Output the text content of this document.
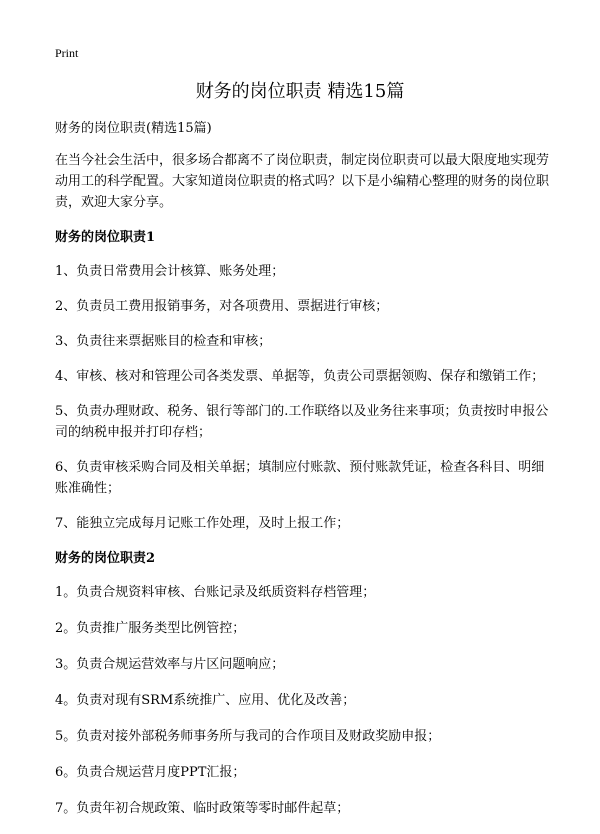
Print
财务的岗位职责 精选15篇

财务的岗位职责(精选15篇)

在当今社会生活中，很多场合都离不了岗位职责，制定岗位职责可以最大限度地实现劳动用工的科学配置。大家知道岗位职责的格式吗？以下是小编精心整理的财务的岗位职责，欢迎大家分享。

财务的岗位职责1

1、负责日常费用会计核算、账务处理；

2、负责员工费用报销事务，对各项费用、票据进行审核；

3、负责往来票据账目的检查和审核；

4、审核、核对和管理公司各类发票、单据等，负责公司票据领购、保存和缴销工作；

5、负责办理财政、税务、银行等部门的.工作联络以及业务往来事项；负责按时申报公司的纳税申报并打印存档；

6、负责审核采购合同及相关单据；填制应付账款、预付账款凭证，检查各科目、明细账准确性；

7、能独立完成每月记账工作处理，及时上报工作；

财务的岗位职责2

1。负责合规资料审核、台账记录及纸质资料存档管理；

2。负责推广服务类型比例管控；

3。负责合规运营效率与片区问题响应；

4。负责对现有SRM系统推广、应用、优化及改善；

5。负责对接外部税务师事务所与我司的合作项目及财政奖励申报；

6。负责合规运营月度PPT汇报；

7。负责年初合规政策、临时政策等零时邮件起草；
